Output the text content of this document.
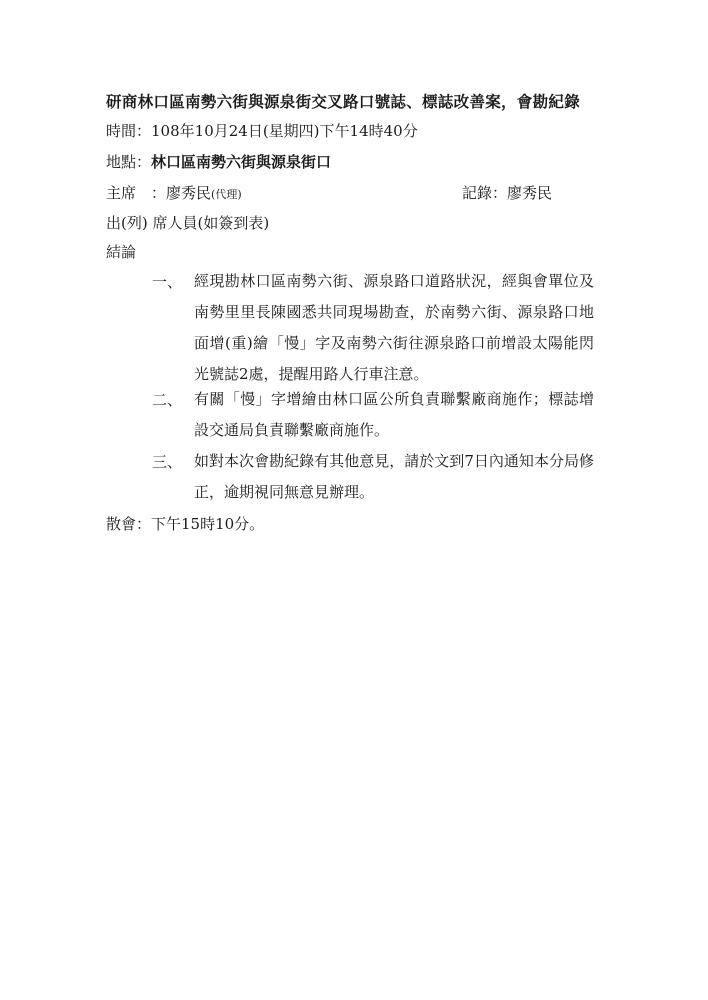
研商林口區南勢六街與源泉街交叉路口號誌、標誌改善案，會勘紀錄
時間：108年10月24日(星期四)下午14時40分
地點：林口區南勢六街與源泉街口
主席　：廖秀民(代理)	記錄：廖秀民
出(列) 席人員(如簽到表)
結論
一、 經現勘林口區南勢六街、源泉路口道路狀況，經與會單位及南勢里里長陳國悉共同現場勘查，於南勢六街、源泉路口地面增(重)繪「慢」字及南勢六街往源泉路口前增設太陽能閃光號誌2處，提醒用路人行車注意。
二、 有關「慢」字增繪由林口區公所負責聯繫廠商施作；標誌增設交通局負責聯繫廠商施作。
三、 如對本次會勘紀錄有其他意見，請於文到7日內通知本分局修正，逾期視同無意見辦理。
散會：下午15時10分。
